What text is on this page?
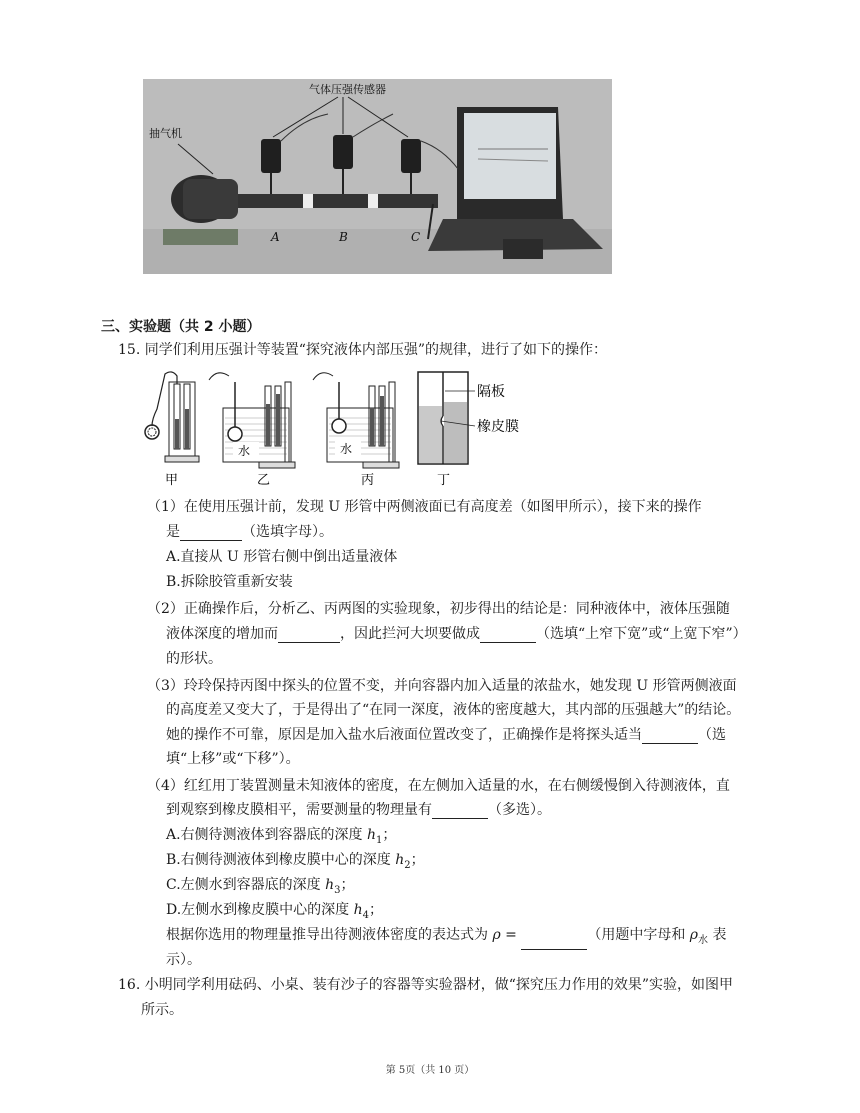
气体压强传感器
抽气机
A	B	C
三、实验题（共 2 小题）
15. 同学们利用压强计等装置“探究液体内部压强”的规律，进行了如下的操作：
甲
水
乙
水
丙
隔板
橡皮膜
丁
（1）在使用压强计前，发现 U 形管中两侧液面已有高度差（如图甲所示），接下来的操作
是	（选填字母）。
A.直接从 U 形管右侧中倒出适量液体
B.拆除胶管重新安装
（2）正确操作后，分析乙、丙两图的实验现象，初步得出的结论是：同种液体中，液体压强随
液体深度的增加而	，因此拦河大坝要做成	（选填“上窄下宽”或“上宽下窄”）
的形状。
（3）玲玲保持丙图中探头的位置不变，并向容器内加入适量的浓盐水，她发现 U 形管两侧液面
的高度差又变大了，于是得出了“在同一深度，液体的密度越大，其内部的压强越大”的结论。
她的操作不可靠，原因是加入盐水后液面位置改变了，正确操作是将探头适当	（选
填“上移”或“下移”）。
（4）红红用丁装置测量未知液体的密度，在左侧加入适量的水，在右侧缓慢倒入待测液体，直
到观察到橡皮膜相平，需要测量的物理量有	（多选）。
A.右侧待测液体到容器底的深度 $h_1$；
B.右侧待测液体到橡皮膜中心的深度 $h_2$；
C.左侧水到容器底的深度 $h_3$；
D.左侧水到橡皮膜中心的深度 $h_4$；
根据你选用的物理量推导出待测液体密度的表达式为 ρ =	（用题中字母和 $\rho_水$ 表
示）。
16. 小明同学利用砝码、小桌、装有沙子的容器等实验器材，做“探究压力作用的效果”实验，如图甲
所示。
第 5页（共 10 页）
